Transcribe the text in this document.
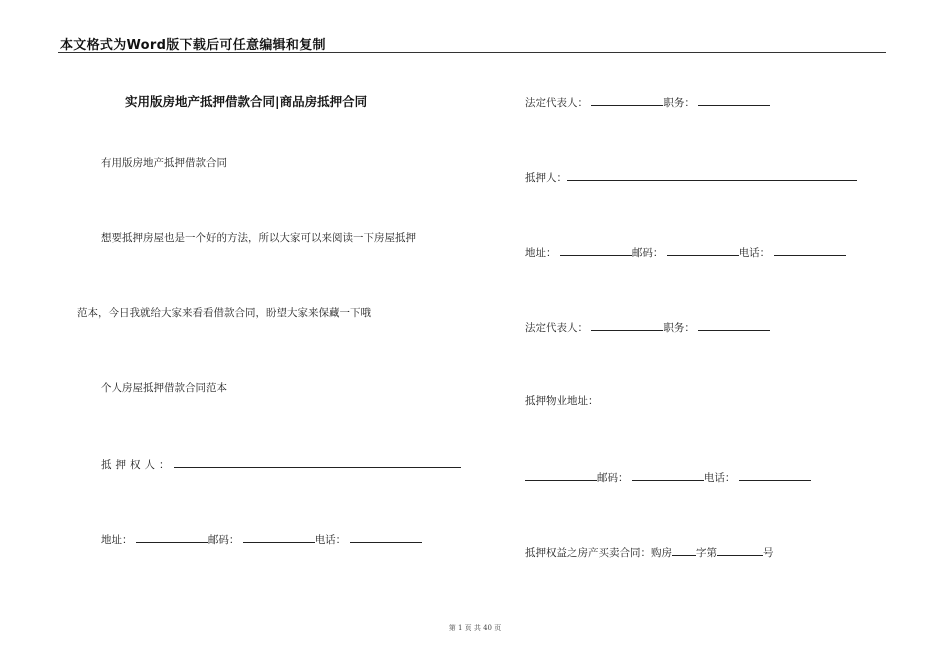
本文格式为Word版下载后可任意编辑和复制
实用版房地产抵押借款合同|商品房抵押合同
有用版房地产抵押借款合同
想要抵押房屋也是一个好的方法，所以大家可以来阅读一下房屋抵押
范本，今日我就给大家来看看借款合同，盼望大家来保藏一下哦
个人房屋抵押借款合同范本
抵押权人：
地址：	邮码：	电话：
法定代表人：	职务：
抵押人：
地址：	邮码：	电话：
法定代表人：	职务：
抵押物业地址：
邮码：	电话：
抵押权益之房产买卖合同：购房 字第	号
第 1 页 共 40 页
